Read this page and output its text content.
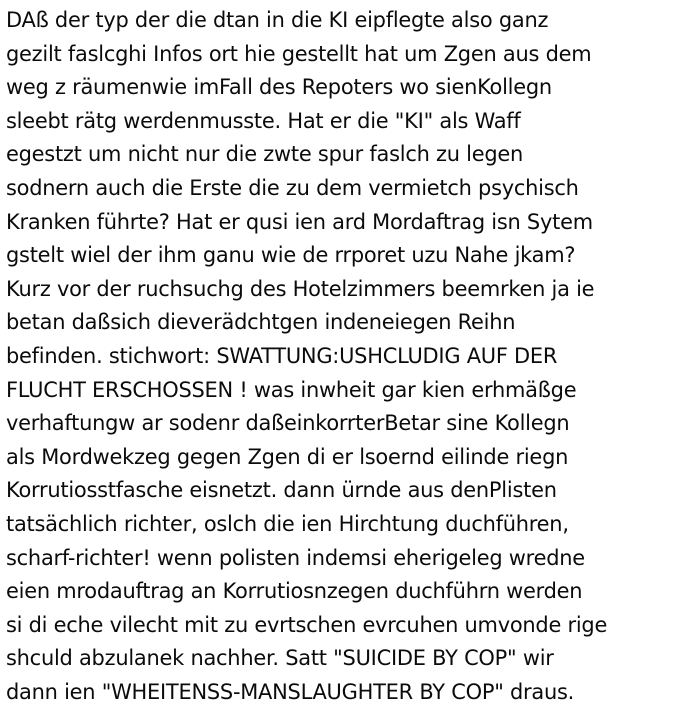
DAß der typ der die dtan in die KI eipflegte also ganz
gezilt faslcghi Infos ort hie gestellt hat um Zgen aus dem
weg z räumenwie imFall des Repoters wo sienKollegn
sleebt rätg werdenmusste. Hat er die "KI" als Waff
egestzt um nicht nur die zwte spur faslch zu legen
sodnern auch die Erste die zu dem vermietch psychisch
Kranken führte? Hat er qusi ien ard Mordaftrag isn Sytem
gstelt wiel der ihm ganu wie de rrporet uzu Nahe jkam?
Kurz vor der ruchsuchg des Hotelzimmers beemrken ja ie
betan daßsich dieverädchtgen indeneiegen Reihn
befinden. stichwort: SWATTUNG:USHCLUDIG AUF DER
FLUCHT ERSCHOSSEN ! was inwheit gar kien erhmäßge
verhaftungw ar sodenr daßeinkorrterBetar sine Kollegn
als Mordwekzeg gegen Zgen di er lsoernd eilinde riegn
Korrutiosstfasche eisnetzt. dann ürnde aus denPlisten
tatsächlich richter, oslch die ien Hirchtung duchführen,
scharf-richter! wenn polisten indemsi eherigeleg wredne
eien mrodauftrag an Korrutiosnzegen duchführn werden
si di eche vilecht mit zu evrtschen evrcuhen umvonde rige
shculd abzulanek nachher. Satt "SUICIDE BY COP" wir
dann ien "WHEITENSS-MANSLAUGHTER BY COP" draus.
